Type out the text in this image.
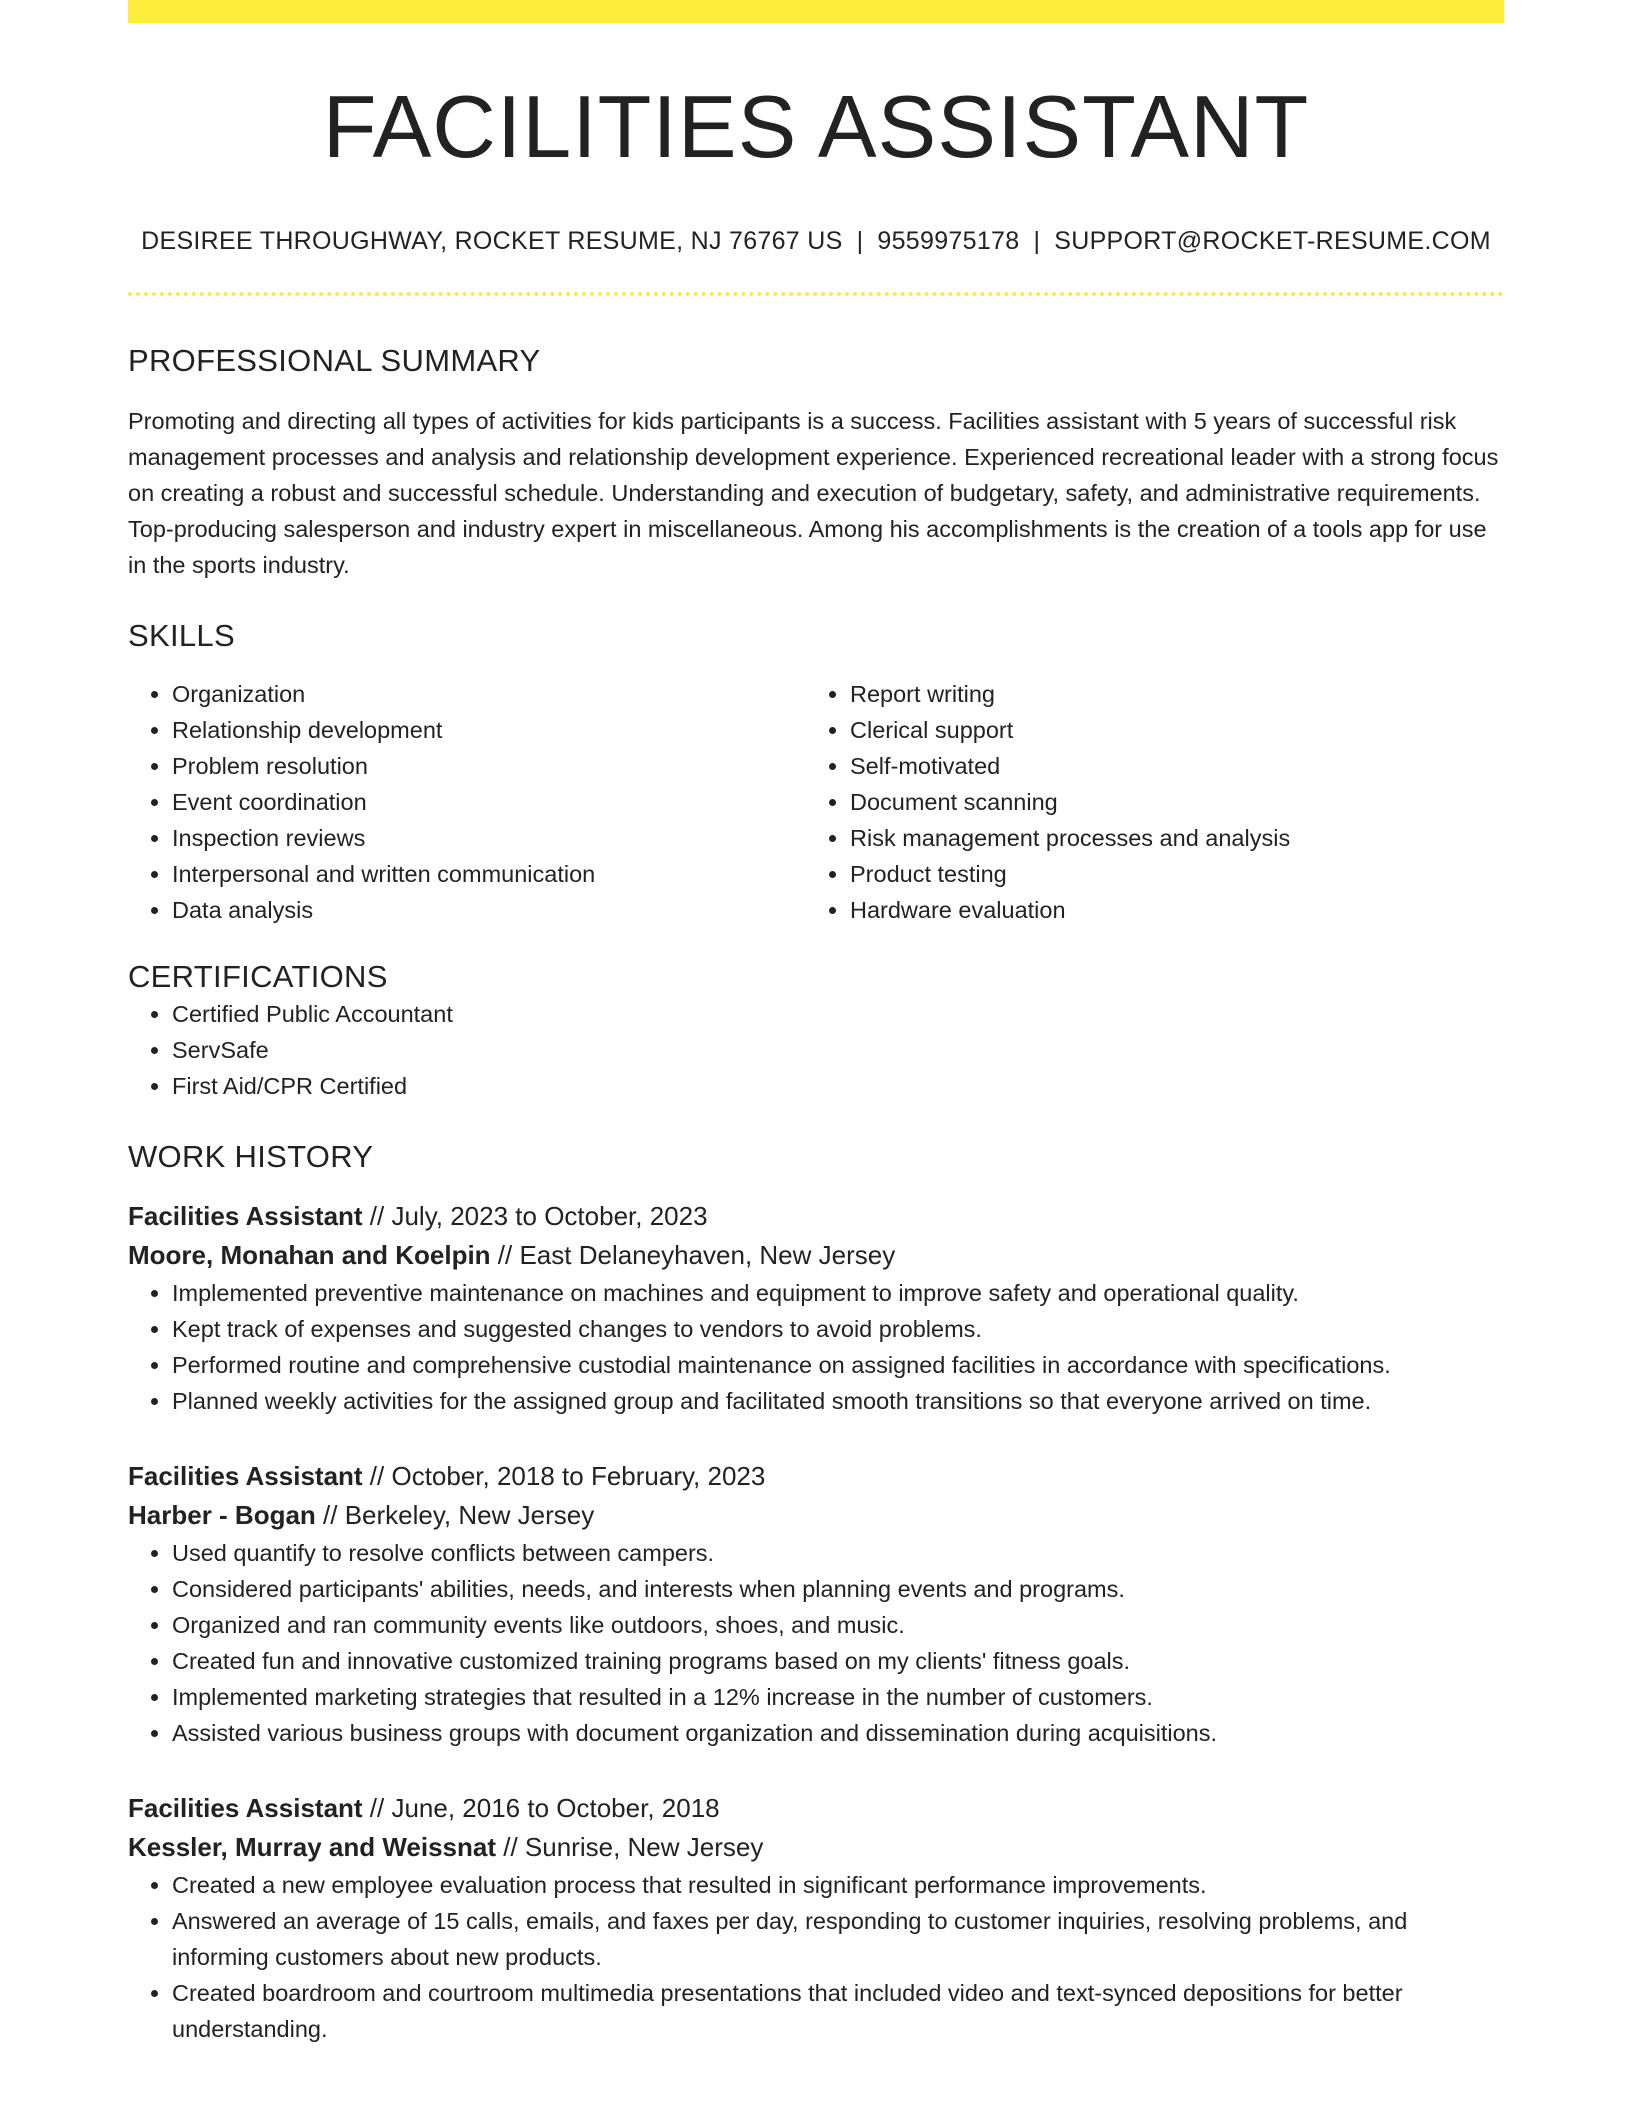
FACILITIES ASSISTANT
DESIREE THROUGHWAY, ROCKET RESUME, NJ 76767 US | 9559975178 | SUPPORT@ROCKET-RESUME.COM
PROFESSIONAL SUMMARY

Promoting and directing all types of activities for kids participants is a success. Facilities assistant with 5 years of successful risk management processes and analysis and relationship development experience. Experienced recreational leader with a strong focus on creating a robust and successful schedule. Understanding and execution of budgetary, safety, and administrative requirements. Top-producing salesperson and industry expert in miscellaneous. Among his accomplishments is the creation of a tools app for use in the sports industry.

SKILLS
• Organization
• Relationship development
• Problem resolution
• Event coordination
• Inspection reviews
• Interpersonal and written communication
• Data analysis
• Report writing
• Clerical support
• Self-motivated
• Document scanning
• Risk management processes and analysis
• Product testing
• Hardware evaluation
CERTIFICATIONS
• Certified Public Accountant
• ServSafe
• First Aid/CPR Certified
WORK HISTORY
Facilities Assistant // July, 2023 to October, 2023
Moore, Monahan and Koelpin // East Delaneyhaven, New Jersey
• Implemented preventive maintenance on machines and equipment to improve safety and operational quality.
• Kept track of expenses and suggested changes to vendors to avoid problems.
• Performed routine and comprehensive custodial maintenance on assigned facilities in accordance with specifications.
• Planned weekly activities for the assigned group and facilitated smooth transitions so that everyone arrived on time.
Facilities Assistant // October, 2018 to February, 2023
Harber - Bogan // Berkeley, New Jersey
• Used quantify to resolve conflicts between campers.
• Considered participants' abilities, needs, and interests when planning events and programs.
• Organized and ran community events like outdoors, shoes, and music.
• Created fun and innovative customized training programs based on my clients' fitness goals.
• Implemented marketing strategies that resulted in a 12% increase in the number of customers.
• Assisted various business groups with document organization and dissemination during acquisitions.
Facilities Assistant // June, 2016 to October, 2018
Kessler, Murray and Weissnat // Sunrise, New Jersey
• Created a new employee evaluation process that resulted in significant performance improvements.
• Answered an average of 15 calls, emails, and faxes per day, responding to customer inquiries, resolving problems, and informing customers about new products.
• Created boardroom and courtroom multimedia presentations that included video and text-synced depositions for better understanding.
